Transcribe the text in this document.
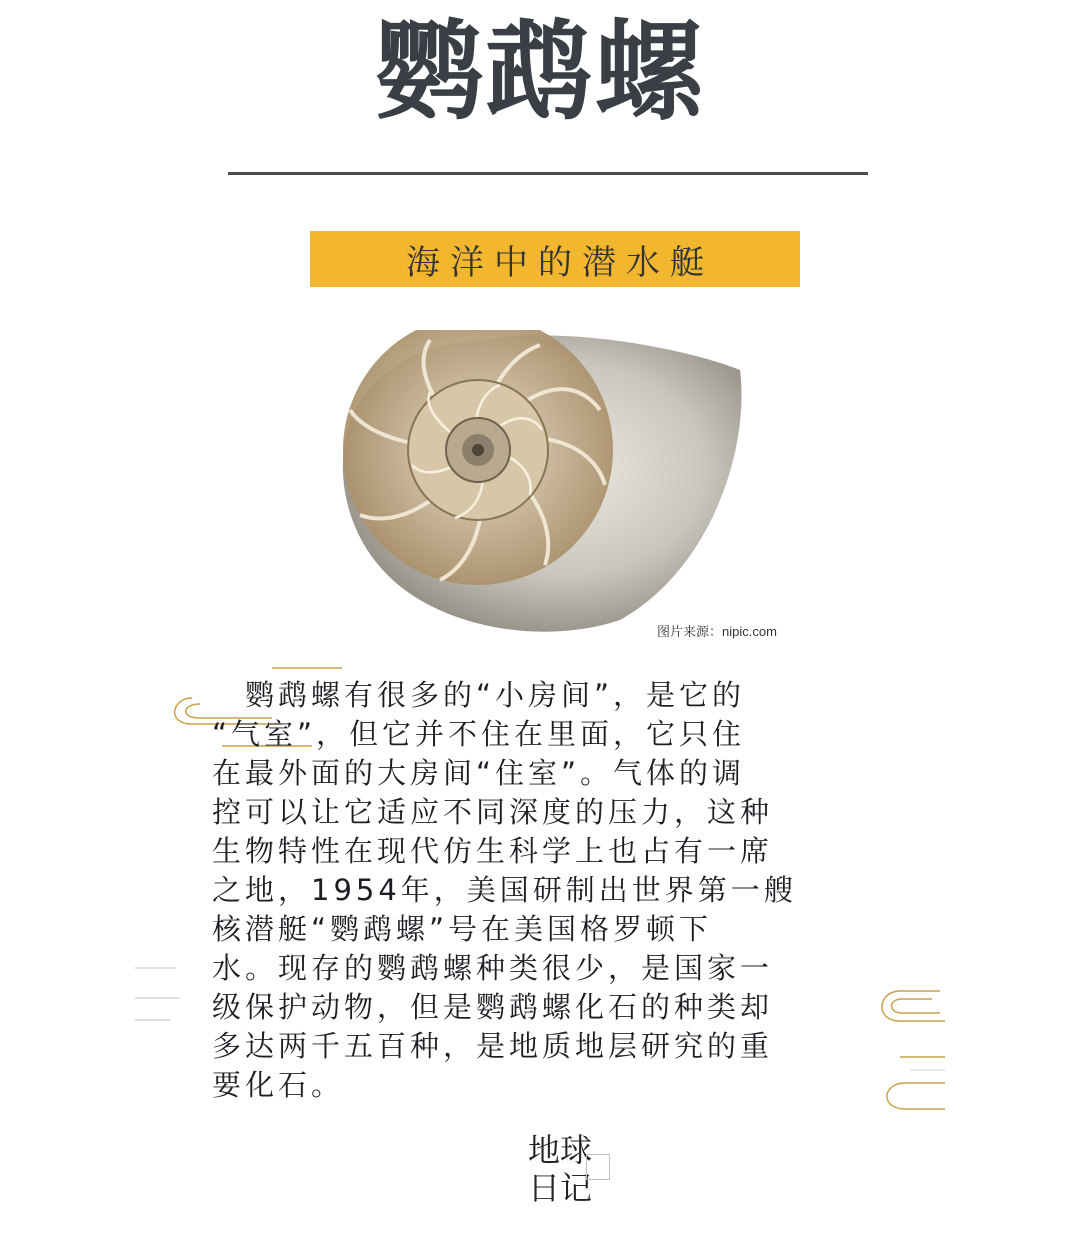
鹦鹉螺
海洋中的潜水艇
图片来源：nipic.com
　鹦鹉螺有很多的“小房间”，是它的
“气室”，但它并不住在里面，它只住
在最外面的大房间“住室”。气体的调
控可以让它适应不同深度的压力，这种
生物特性在现代仿生科学上也占有一席
之地，1954年，美国研制出世界第一艘
核潜艇“鹦鹉螺”号在美国格罗顿下
水。现存的鹦鹉螺种类很少，是国家一
级保护动物，但是鹦鹉螺化石的种类却
多达两千五百种，是地质地层研究的重
要化石。
地 球
日 记
